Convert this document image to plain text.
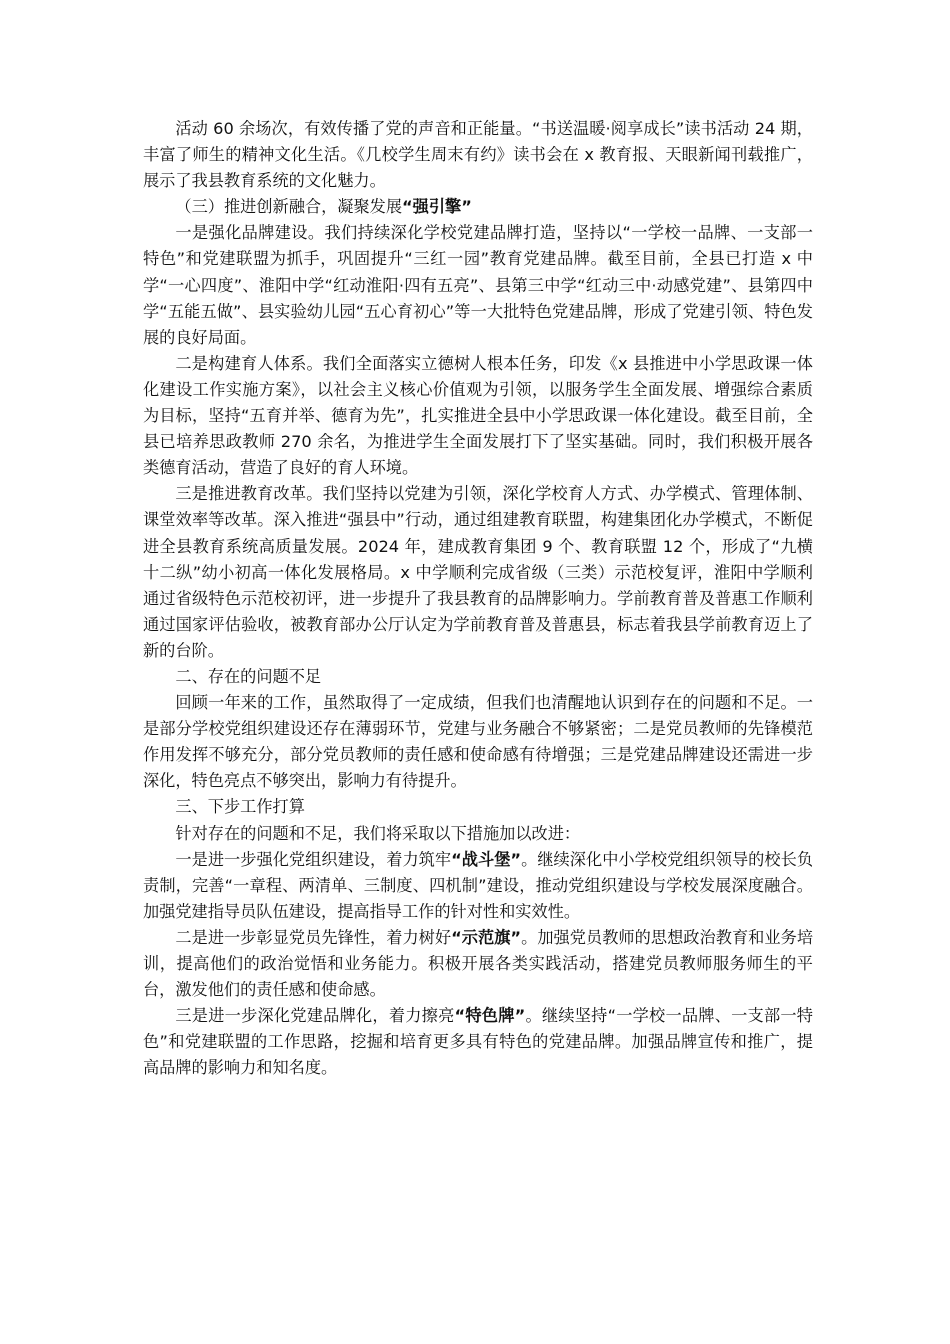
活动 60 余场次，有效传播了党的声音和正能量。“书送温暖·阅享成长”读书活动 24 期，丰富了师生的精神文化生活。《几校学生周末有约》读书会在 x 教育报、天眼新闻刊载推广，展示了我县教育系统的文化魅力。

（三）推进创新融合，凝聚发展“强引擎”

一是强化品牌建设。我们持续深化学校党建品牌打造，坚持以“一学校一品牌、一支部一特色”和党建联盟为抓手，巩固提升“三红一园”教育党建品牌。截至目前，全县已打造 x 中学“一心四度”、淮阳中学“红动淮阳·四有五亮”、县第三中学“红动三中·动感党建”、县第四中学“五能五做”、县实验幼儿园“五心育初心”等一大批特色党建品牌，形成了党建引领、特色发展的良好局面。

二是构建育人体系。我们全面落实立德树人根本任务，印发《x 县推进中小学思政课一体化建设工作实施方案》，以社会主义核心价值观为引领，以服务学生全面发展、增强综合素质为目标，坚持“五育并举、德育为先”，扎实推进全县中小学思政课一体化建设。截至目前，全县已培养思政教师 270 余名，为推进学生全面发展打下了坚实基础。同时，我们积极开展各类德育活动，营造了良好的育人环境。

三是推进教育改革。我们坚持以党建为引领，深化学校育人方式、办学模式、管理体制、课堂效率等改革。深入推进“强县中”行动，通过组建教育联盟，构建集团化办学模式，不断促进全县教育系统高质量发展。2024 年，建成教育集团 9 个、教育联盟 12 个，形成了“九横十二纵”幼小初高一体化发展格局。x 中学顺利完成省级（三类）示范校复评，淮阳中学顺利通过省级特色示范校初评，进一步提升了我县教育的品牌影响力。学前教育普及普惠工作顺利通过国家评估验收，被教育部办公厅认定为学前教育普及普惠县，标志着我县学前教育迈上了新的台阶。

二、存在的问题不足

回顾一年来的工作，虽然取得了一定成绩，但我们也清醒地认识到存在的问题和不足。一是部分学校党组织建设还存在薄弱环节，党建与业务融合不够紧密；二是党员教师的先锋模范作用发挥不够充分，部分党员教师的责任感和使命感有待增强；三是党建品牌建设还需进一步深化，特色亮点不够突出，影响力有待提升。

三、下步工作打算

针对存在的问题和不足，我们将采取以下措施加以改进：

一是进一步强化党组织建设，着力筑牢“战斗堡”。继续深化中小学校党组织领导的校长负责制，完善“一章程、两清单、三制度、四机制”建设，推动党组织建设与学校发展深度融合。加强党建指导员队伍建设，提高指导工作的针对性和实效性。

二是进一步彰显党员先锋性，着力树好“示范旗”。加强党员教师的思想政治教育和业务培训，提高他们的政治觉悟和业务能力。积极开展各类实践活动，搭建党员教师服务师生的平台，激发他们的责任感和使命感。

三是进一步深化党建品牌化，着力擦亮“特色牌”。继续坚持“一学校一品牌、一支部一特色”和党建联盟的工作思路，挖掘和培育更多具有特色的党建品牌。加强品牌宣传和推广，提高品牌的影响力和知名度。
